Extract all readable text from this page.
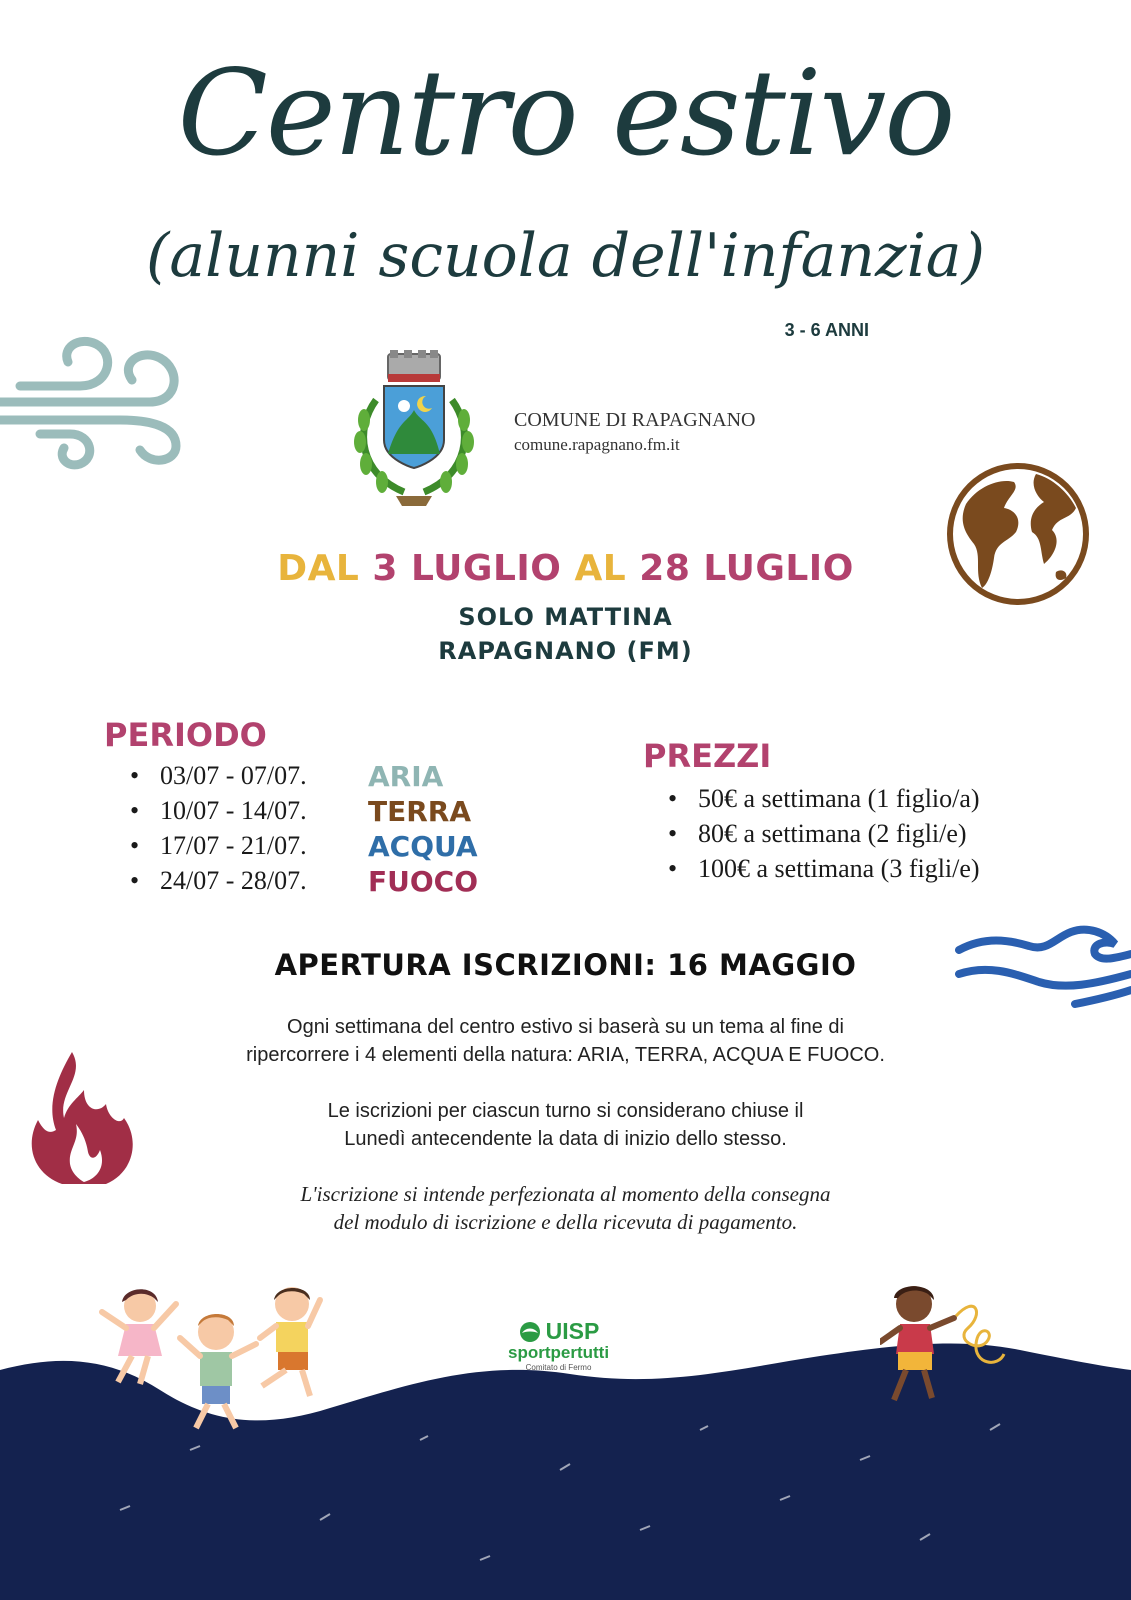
Centro estivo
(alunni scuola dell'infanzia)
3 - 6 ANNI
COMUNE DI RAPAGNANO
comune.rapagnano.fm.it
DAL 3 LUGLIO AL 28 LUGLIO
SOLO MATTINA
RAPAGNANO (FM)
PERIODO
• 03/07 - 07/07.
• 10/07 - 14/07.
• 17/07 - 21/07.
• 24/07 - 28/07.
ARIA
TERRA
ACQUA
FUOCO
PREZZI
• 50€ a settimana (1 figlio/a)
• 80€ a settimana (2 figli/e)
• 100€ a settimana (3 figli/e)
APERTURA ISCRIZIONI: 16 MAGGIO
Ogni settimana del centro estivo si baserà su un tema al fine di
ripercorrere i 4 elementi della natura: ARIA, TERRA, ACQUA E FUOCO.
Le iscrizioni per ciascun turno si considerano chiuse il
Lunedì antecendente la data di inizio dello stesso.
L'iscrizione si intende perfezionata al momento della consegna
del modulo di iscrizione e della ricevuta di pagamento.
UISP
sportpertutti
Comitato di Fermo
